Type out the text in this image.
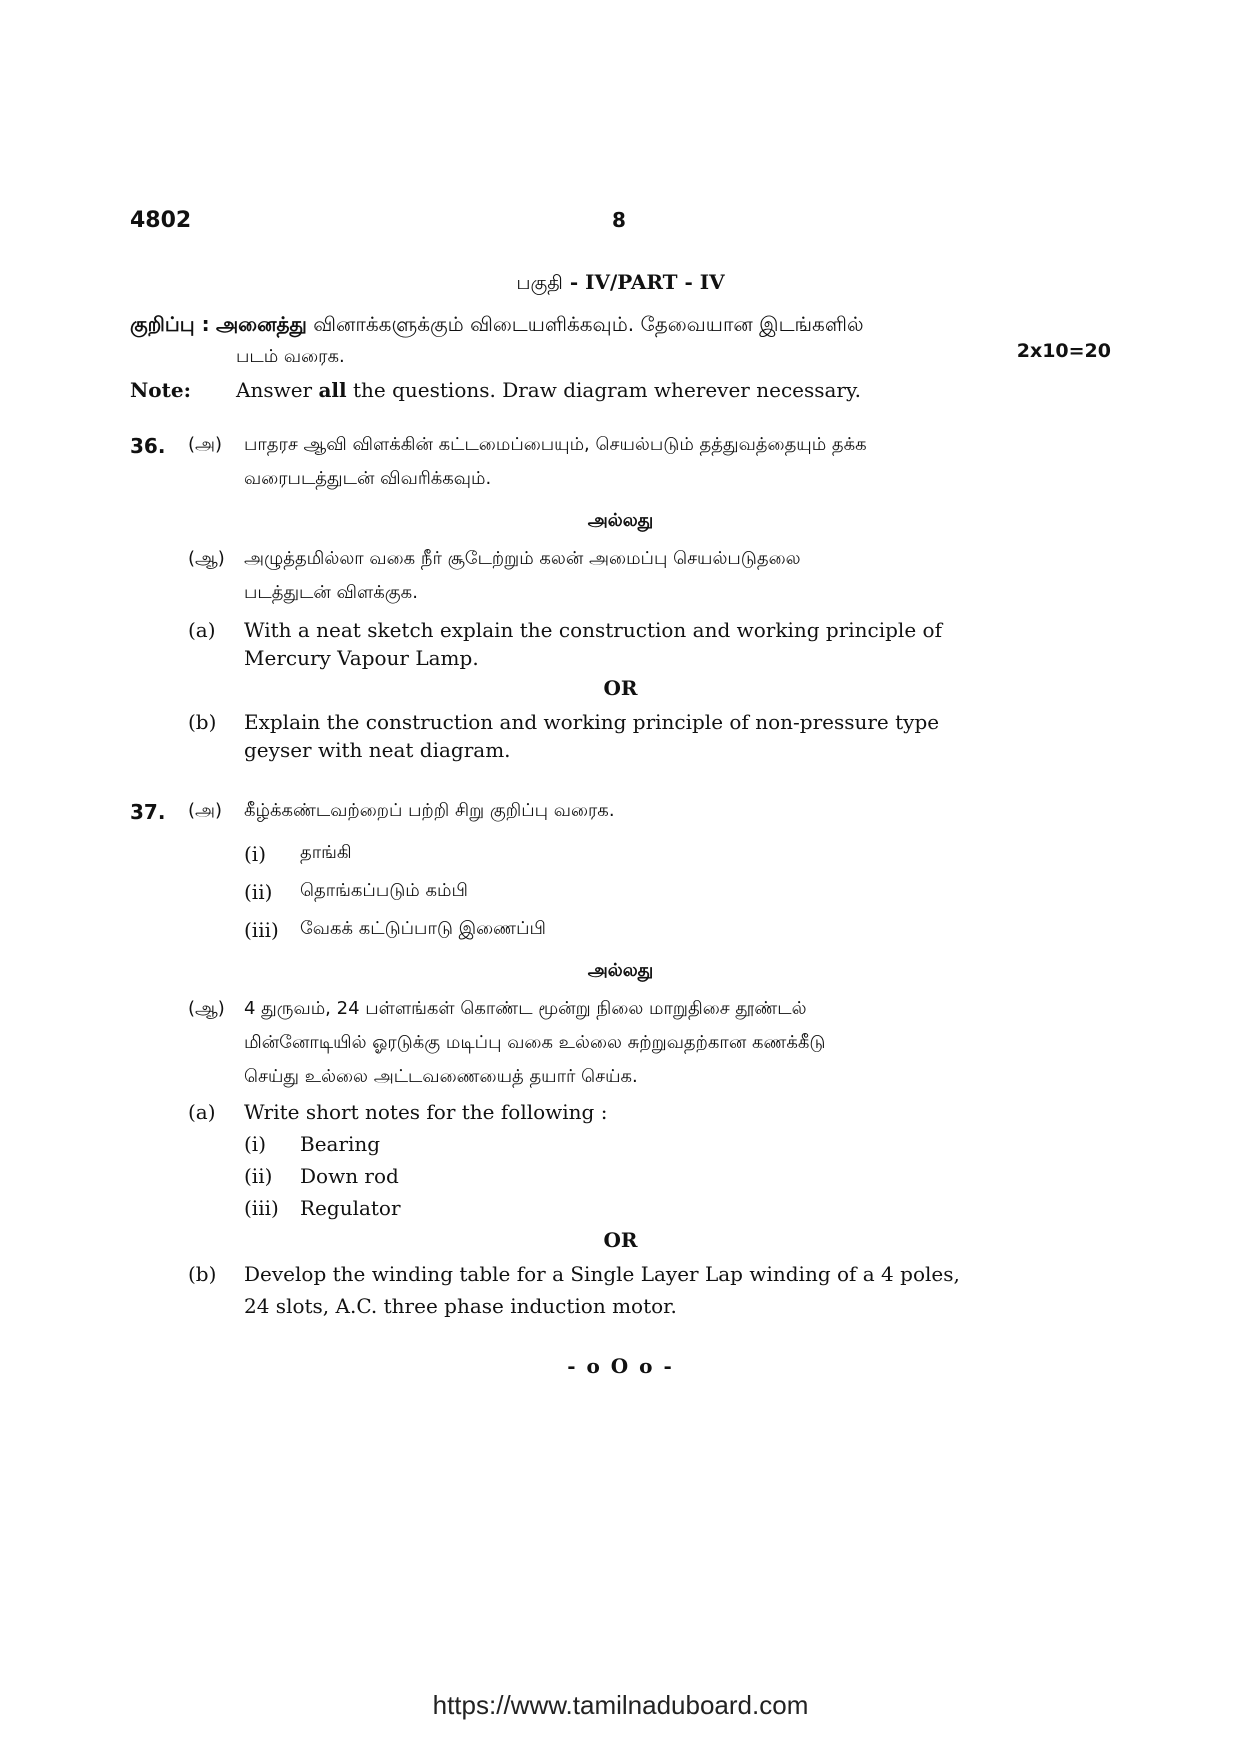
4802	8
பகுதி - IV/PART - IV
குறிப்பு : அனைத்து வினாக்களுக்கும் விடையளிக்கவும். தேவையான இடங்களில்
படம் வரைக.	2x10=20
Note: Answer all the questions. Draw diagram wherever necessary.
36. (அ) பாதரச ஆவி விளக்கின் கட்டமைப்பையும், செயல்படும் தத்துவத்தையும் தக்க
வரைபடத்துடன் விவரிக்கவும்.
அல்லது
(ஆ) அழுத்தமில்லா வகை நீர் சூடேற்றும் கலன் அமைப்பு செயல்படுதலை
படத்துடன் விளக்குக.
(a) With a neat sketch explain the construction and working principle of
Mercury Vapour Lamp.
OR
(b) Explain the construction and working principle of non-pressure type
geyser with neat diagram.
37. (அ) கீழ்க்கண்டவற்றைப் பற்றி சிறு குறிப்பு வரைக.
(i) தாங்கி
(ii) தொங்கப்படும் கம்பி
(iii) வேகக் கட்டுப்பாடு இணைப்பி
அல்லது
(ஆ) 4 துருவம், 24 பள்ளங்கள் கொண்ட மூன்று நிலை மாறுதிசை தூண்டல்
மின்னோடியில் ஓரடுக்கு மடிப்பு வகை உல்லை சுற்றுவதற்கான கணக்கீடு
செய்து உல்லை அட்டவணையைத் தயார் செய்க.
(a) Write short notes for the following :
(i) Bearing
(ii) Down rod
(iii) Regulator
OR
(b) Develop the winding table for a Single Layer Lap winding of a 4 poles,
24 slots, A.C. three phase induction motor.
- o O o -
https://www.tamilnaduboard.com
